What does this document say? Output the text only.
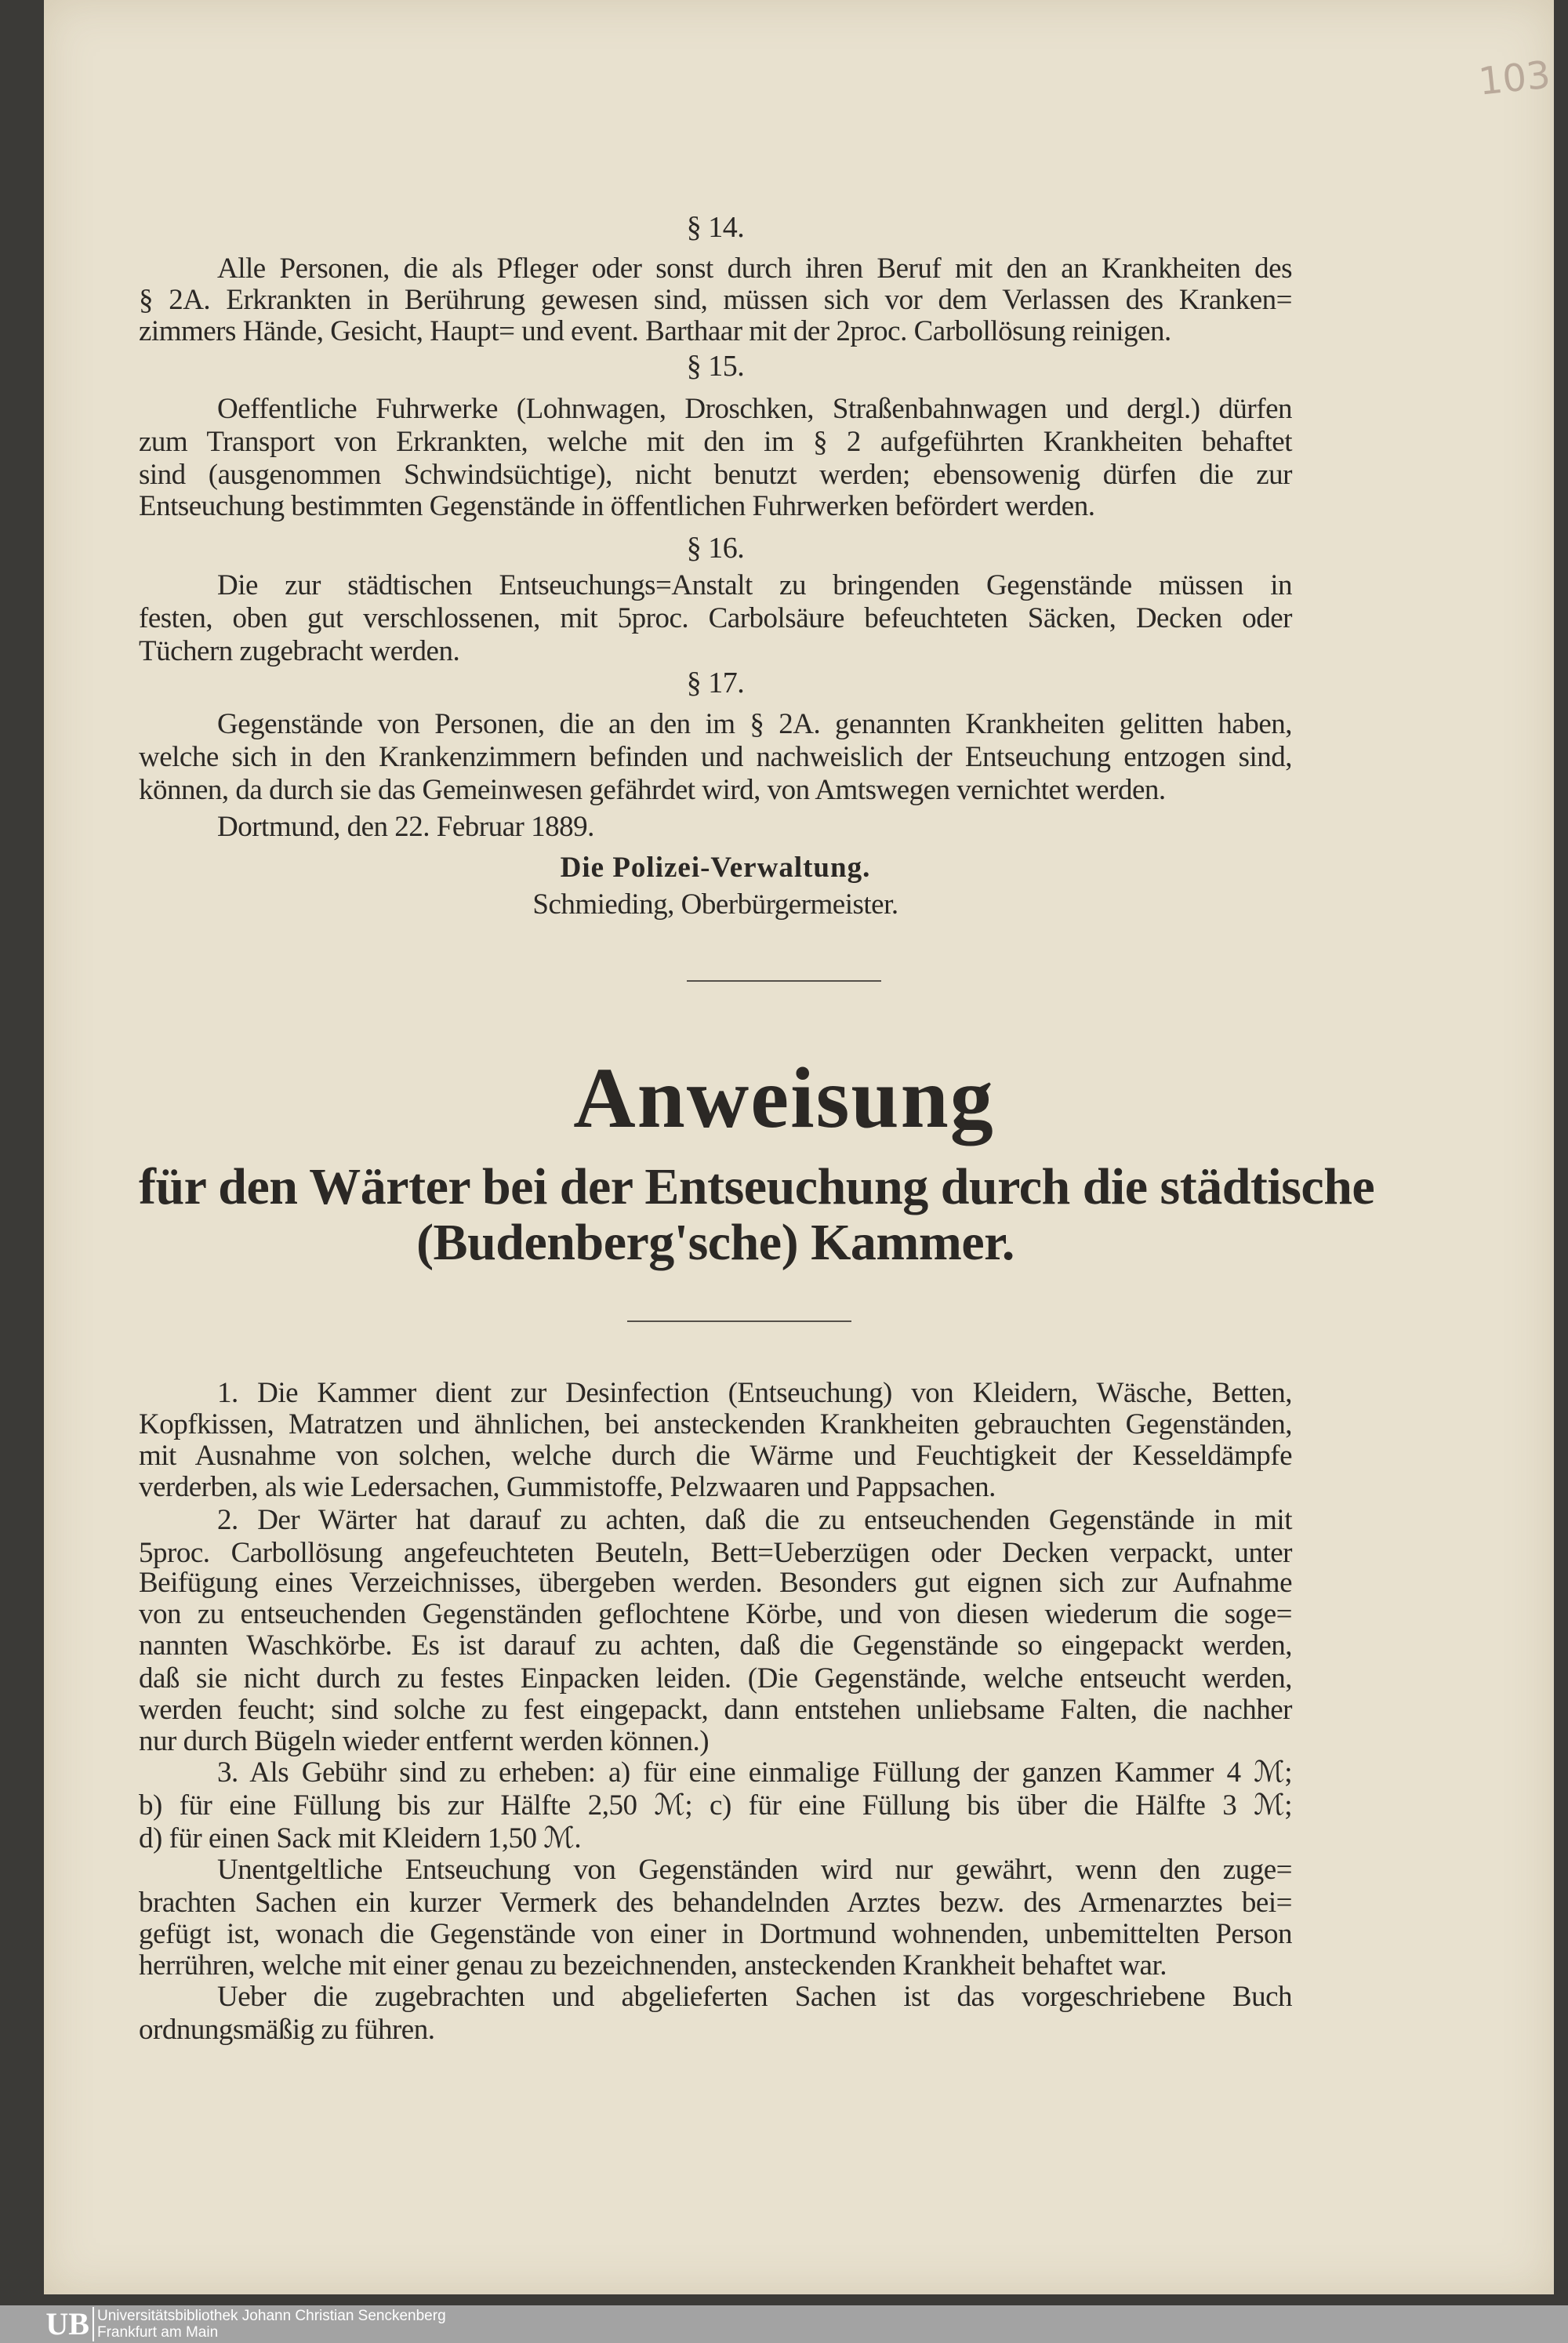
103
§ 14.
Alle Personen, die als Pfleger oder sonst durch ihren Beruf mit den an Krankheiten des
§ 2A. Erkrankten in Berührung gewesen sind, müssen sich vor dem Verlassen des Kranken=
zimmers Hände, Gesicht, Haupt= und event. Barthaar mit der 2proc. Carbollösung reinigen.
§ 15.
Oeffentliche Fuhrwerke (Lohnwagen, Droschken, Straßenbahnwagen und dergl.) dürfen
zum Transport von Erkrankten, welche mit den im § 2 aufgeführten Krankheiten behaftet
sind (ausgenommen Schwindsüchtige), nicht benutzt werden; ebensowenig dürfen die zur
Entseuchung bestimmten Gegenstände in öffentlichen Fuhrwerken befördert werden.
§ 16.
Die zur städtischen Entseuchungs=Anstalt zu bringenden Gegenstände müssen in
festen, oben gut verschlossenen, mit 5proc. Carbolsäure befeuchteten Säcken, Decken oder
Tüchern zugebracht werden.
§ 17.
Gegenstände von Personen, die an den im § 2A. genannten Krankheiten gelitten haben,
welche sich in den Krankenzimmern befinden und nachweislich der Entseuchung entzogen sind,
können, da durch sie das Gemeinwesen gefährdet wird, von Amtswegen vernichtet werden.
Dortmund, den 22. Februar 1889.
Die Polizei-Verwaltung.
Schmieding, Oberbürgermeister.
Anweisung
für den Wärter bei der Entseuchung durch die städtische
(Budenberg'sche) Kammer.
1. Die Kammer dient zur Desinfection (Entseuchung) von Kleidern, Wäsche, Betten,
Kopfkissen, Matratzen und ähnlichen, bei ansteckenden Krankheiten gebrauchten Gegenständen,
mit Ausnahme von solchen, welche durch die Wärme und Feuchtigkeit der Kesseldämpfe
verderben, als wie Ledersachen, Gummistoffe, Pelzwaaren und Pappsachen.
2. Der Wärter hat darauf zu achten, daß die zu entseuchenden Gegenstände in mit
5proc. Carbollösung angefeuchteten Beuteln, Bett=Ueberzügen oder Decken verpackt, unter
Beifügung eines Verzeichnisses, übergeben werden. Besonders gut eignen sich zur Aufnahme
von zu entseuchenden Gegenständen geflochtene Körbe, und von diesen wiederum die soge=
nannten Waschkörbe. Es ist darauf zu achten, daß die Gegenstände so eingepackt werden,
daß sie nicht durch zu festes Einpacken leiden. (Die Gegenstände, welche entseucht werden,
werden feucht; sind solche zu fest eingepackt, dann entstehen unliebsame Falten, die nachher
nur durch Bügeln wieder entfernt werden können.)
3. Als Gebühr sind zu erheben: a) für eine einmalige Füllung der ganzen Kammer 4 ℳ;
b) für eine Füllung bis zur Hälfte 2,50 ℳ; c) für eine Füllung bis über die Hälfte 3 ℳ;
d) für einen Sack mit Kleidern 1,50 ℳ.
Unentgeltliche Entseuchung von Gegenständen wird nur gewährt, wenn den zuge=
brachten Sachen ein kurzer Vermerk des behandelnden Arztes bezw. des Armenarztes bei=
gefügt ist, wonach die Gegenstände von einer in Dortmund wohnenden, unbemittelten Person
herrühren, welche mit einer genau zu bezeichnenden, ansteckenden Krankheit behaftet war.
Ueber die zugebrachten und abgelieferten Sachen ist das vorgeschriebene Buch
ordnungsmäßig zu führen.
UB Universitätsbibliothek Johann Christian Senckenberg
Frankfurt am Main
